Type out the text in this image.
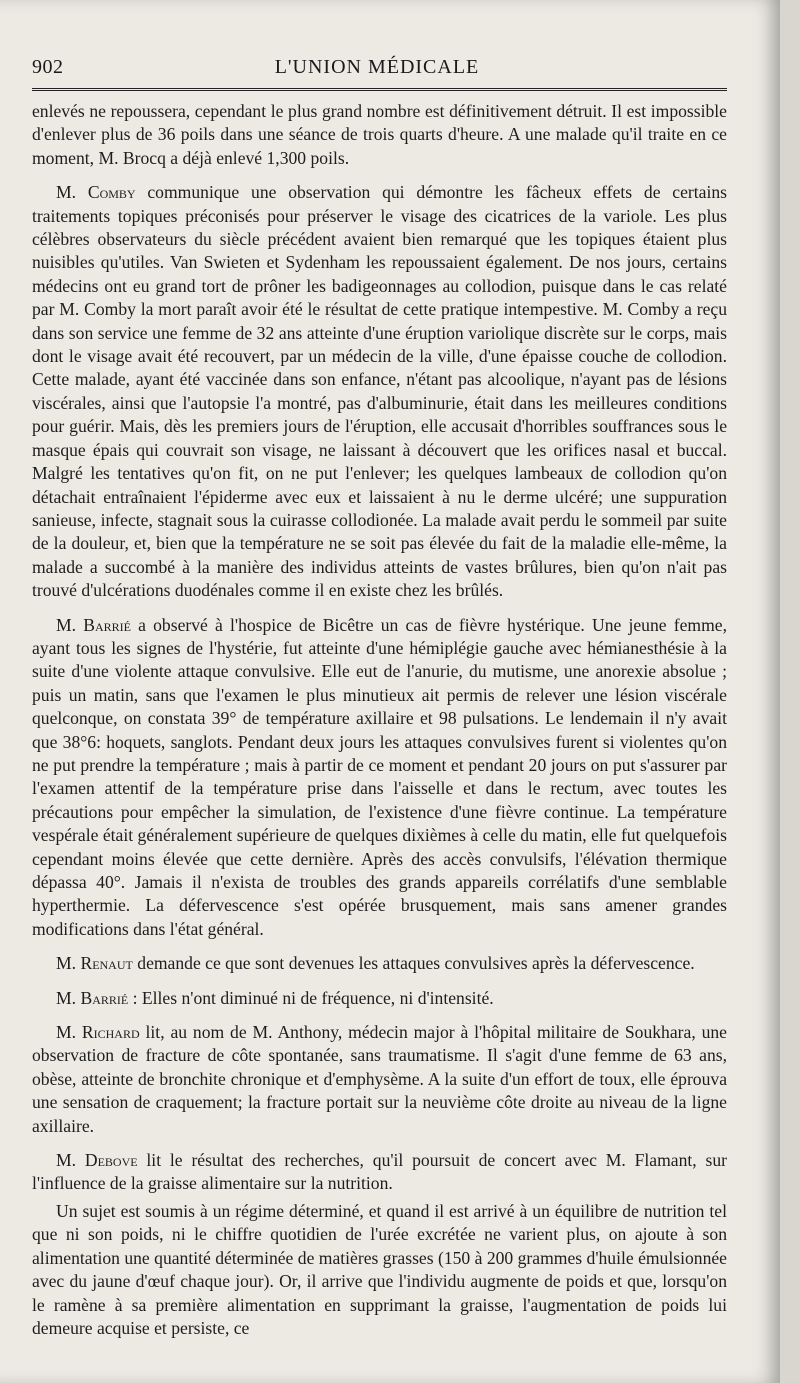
902	L'UNION MÉDICALE

enlevés ne repoussera, cependant le plus grand nombre est définitivement détruit. Il est impossible d'enlever plus de 36 poils dans une séance de trois quarts d'heure. A une malade qu'il traite en ce moment, M. Brocq a déjà enlevé 1,300 poils.

M. Comby communique une observation qui démontre les fâcheux effets de certains traitements topiques préconisés pour préserver le visage des cicatrices de la variole. Les plus célèbres observateurs du siècle précédent avaient bien remarqué que les topiques étaient plus nuisibles qu'utiles. Van Swieten et Sydenham les repoussaient également. De nos jours, certains médecins ont eu grand tort de prôner les badigeonnages au collodion, puisque dans le cas relaté par M. Comby la mort paraît avoir été le résultat de cette pratique intempestive. M. Comby a reçu dans son service une femme de 32 ans atteinte d'une éruption variolique discrète sur le corps, mais dont le visage avait été recouvert, par un médecin de la ville, d'une épaisse couche de collodion. Cette malade, ayant été vaccinée dans son enfance, n'étant pas alcoolique, n'ayant pas de lésions viscérales, ainsi que l'autopsie l'a montré, pas d'albuminurie, était dans les meilleures conditions pour guérir. Mais, dès les premiers jours de l'éruption, elle accusait d'horribles souffrances sous le masque épais qui couvrait son visage, ne laissant à découvert que les orifices nasal et buccal. Malgré les tentatives qu'on fit, on ne put l'enlever; les quelques lambeaux de collodion qu'on détachait entraînaient l'épiderme avec eux et laissaient à nu le derme ulcéré; une suppuration sanieuse, infecte, stagnait sous la cuirasse collodionée. La malade avait perdu le sommeil par suite de la douleur, et, bien que la température ne se soit pas élevée du fait de la maladie elle-même, la malade a succombé à la manière des individus atteints de vastes brûlures, bien qu'on n'ait pas trouvé d'ulcérations duodénales comme il en existe chez les brûlés.

M. Barrié a observé à l'hospice de Bicêtre un cas de fièvre hystérique. Une jeune femme, ayant tous les signes de l'hystérie, fut atteinte d'une hémiplégie gauche avec hémianesthésie à la suite d'une violente attaque convulsive. Elle eut de l'anurie, du mutisme, une anorexie absolue ; puis un matin, sans que l'examen le plus minutieux ait permis de relever une lésion viscérale quelconque, on constata 39° de température axillaire et 98 pulsations. Le lendemain il n'y avait que 38°6: hoquets, sanglots. Pendant deux jours les attaques convulsives furent si violentes qu'on ne put prendre la température ; mais à partir de ce moment et pendant 20 jours on put s'assurer par l'examen attentif de la température prise dans l'aisselle et dans le rectum, avec toutes les précautions pour empêcher la simulation, de l'existence d'une fièvre continue. La température vespérale était généralement supérieure de quelques dixièmes à celle du matin, elle fut quelquefois cependant moins élevée que cette dernière. Après des accès convulsifs, l'élévation thermique dépassa 40°. Jamais il n'exista de troubles des grands appareils corrélatifs d'une semblable hyperthermie. La défervescence s'est opérée brusquement, mais sans amener grandes modifications dans l'état général.

M. Renaut demande ce que sont devenues les attaques convulsives après la défervescence.

M. Barrié : Elles n'ont diminué ni de fréquence, ni d'intensité.

M. Richard lit, au nom de M. Anthony, médecin major à l'hôpital militaire de Soukhara, une observation de fracture de côte spontanée, sans traumatisme. Il s'agit d'une femme de 63 ans, obèse, atteinte de bronchite chronique et d'emphysème. A la suite d'un effort de toux, elle éprouva une sensation de craquement; la fracture portait sur la neuvième côte droite au niveau de la ligne axillaire.

M. Debove lit le résultat des recherches, qu'il poursuit de concert avec M. Flamant, sur l'influence de la graisse alimentaire sur la nutrition.

Un sujet est soumis à un régime déterminé, et quand il est arrivé à un équilibre de nutrition tel que ni son poids, ni le chiffre quotidien de l'urée excrétée ne varient plus, on ajoute à son alimentation une quantité déterminée de matières grasses (150 à 200 grammes d'huile émulsionnée avec du jaune d'œuf chaque jour). Or, il arrive que l'individu augmente de poids et que, lorsqu'on le ramène à sa première alimentation en supprimant la graisse, l'augmentation de poids lui demeure acquise et persiste, ce
